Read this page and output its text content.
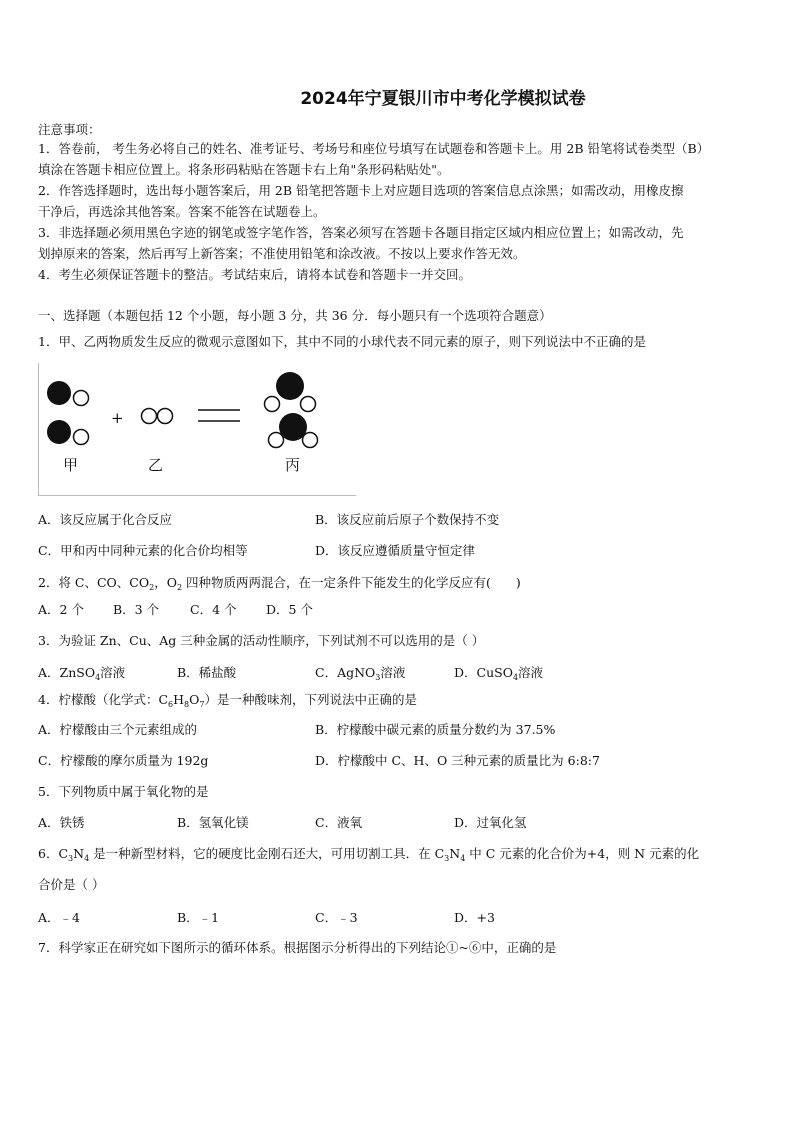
2024年宁夏银川市中考化学模拟试卷
注意事项：
1．答卷前， 考生务必将自己的姓名、准考证号、考场号和座位号填写在试题卷和答题卡上。用 2B 铅笔将试卷类型（B）
填涂在答题卡相应位置上。将条形码粘贴在答题卡右上角"条形码粘贴处"。
2．作答选择题时，选出每小题答案后，用 2B 铅笔把答题卡上对应题目选项的答案信息点涂黑；如需改动，用橡皮擦
干净后，再选涂其他答案。答案不能答在试题卷上。
3．非选择题必须用黑色字迹的钢笔或签字笔作答，答案必须写在答题卡各题目指定区域内相应位置上；如需改动，先
划掉原来的答案，然后再写上新答案；不准使用铅笔和涂改液。不按以上要求作答无效。
4．考生必须保证答题卡的整洁。考试结束后，请将本试卷和答题卡一并交回。
一、选择题（本题包括 12 个小题，每小题 3 分，共 36 分．每小题只有一个选项符合题意）
1．甲、乙两物质发生反应的微观示意图如下，其中不同的小球代表不同元素的原子，则下列说法中不正确的是
+
甲	乙	丙
A．该反应属于化合反应	B．该反应前后原子个数保持不变
C．甲和丙中同种元素的化合价均相等	D．该反应遵循质量守恒定律
2．将 C、CO、$CO_2$，$O_2$ 四种物质两两混合，在一定条件下能发生的化学反应有(　　)
A．2 个 B．3 个 C．4 个 D．5 个
3．为验证 Zn、Cu、Ag 三种金属的活动性顺序，下列试剂不可以选用的是（ ）
A．ZnSO$_4$溶液	B．稀盐酸	C．AgNO$_3$溶液	D．CuSO$_4$溶液
4．柠檬酸（化学式：$C_6H_8O_7$）是一种酸味剂，下列说法中正确的是
A．柠檬酸由三个元素组成的	B．柠檬酸中碳元素的质量分数约为 37.5%
C．柠檬酸的摩尔质量为 192g	D．柠檬酸中 C、H、O 三种元素的质量比为 6:8:7
5．下列物质中属于氧化物的是
A．铁锈	B．氢氧化镁	C．液氧	D．过氧化氢
6．$C_3N_4$ 是一种新型材料，它的硬度比金刚石还大，可用切割工具．在 $C_3N_4$ 中 C 元素的化合价为+4，则 N 元素的化
合价是（ ）
A．﹣4	B．﹣1	C．﹣3	D．+3
7．科学家正在研究如下图所示的循环体系。根据图示分析得出的下列结论①~⑥中，正确的是
